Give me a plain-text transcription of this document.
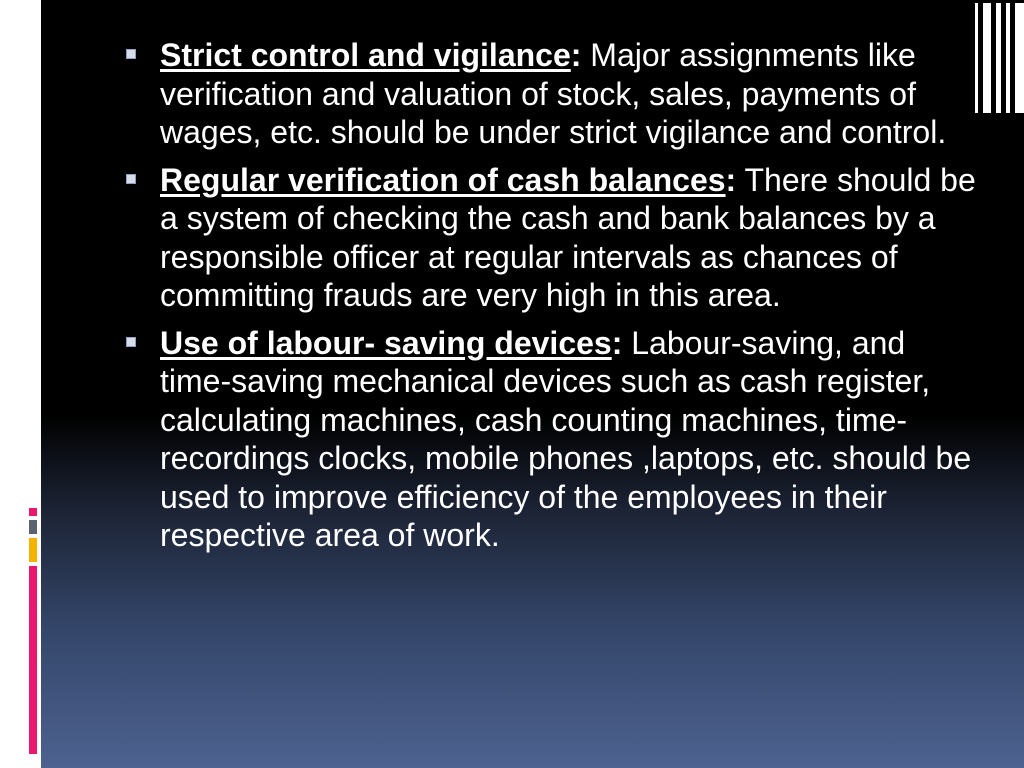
Strict control and vigilance: Major assignments like verification and valuation of stock, sales, payments of wages, etc. should be under strict vigilance and control.

Regular verification of cash balances: There should be a system of checking the cash and bank balances by a responsible officer at regular intervals as chances of committing frauds are very high in this area.

Use of labour- saving devices: Labour-saving, and time-saving mechanical devices such as cash register, calculating machines, cash counting machines, time-recordings clocks, mobile phones ,laptops, etc. should be used to improve efficiency of the employees in their respective area of work.
